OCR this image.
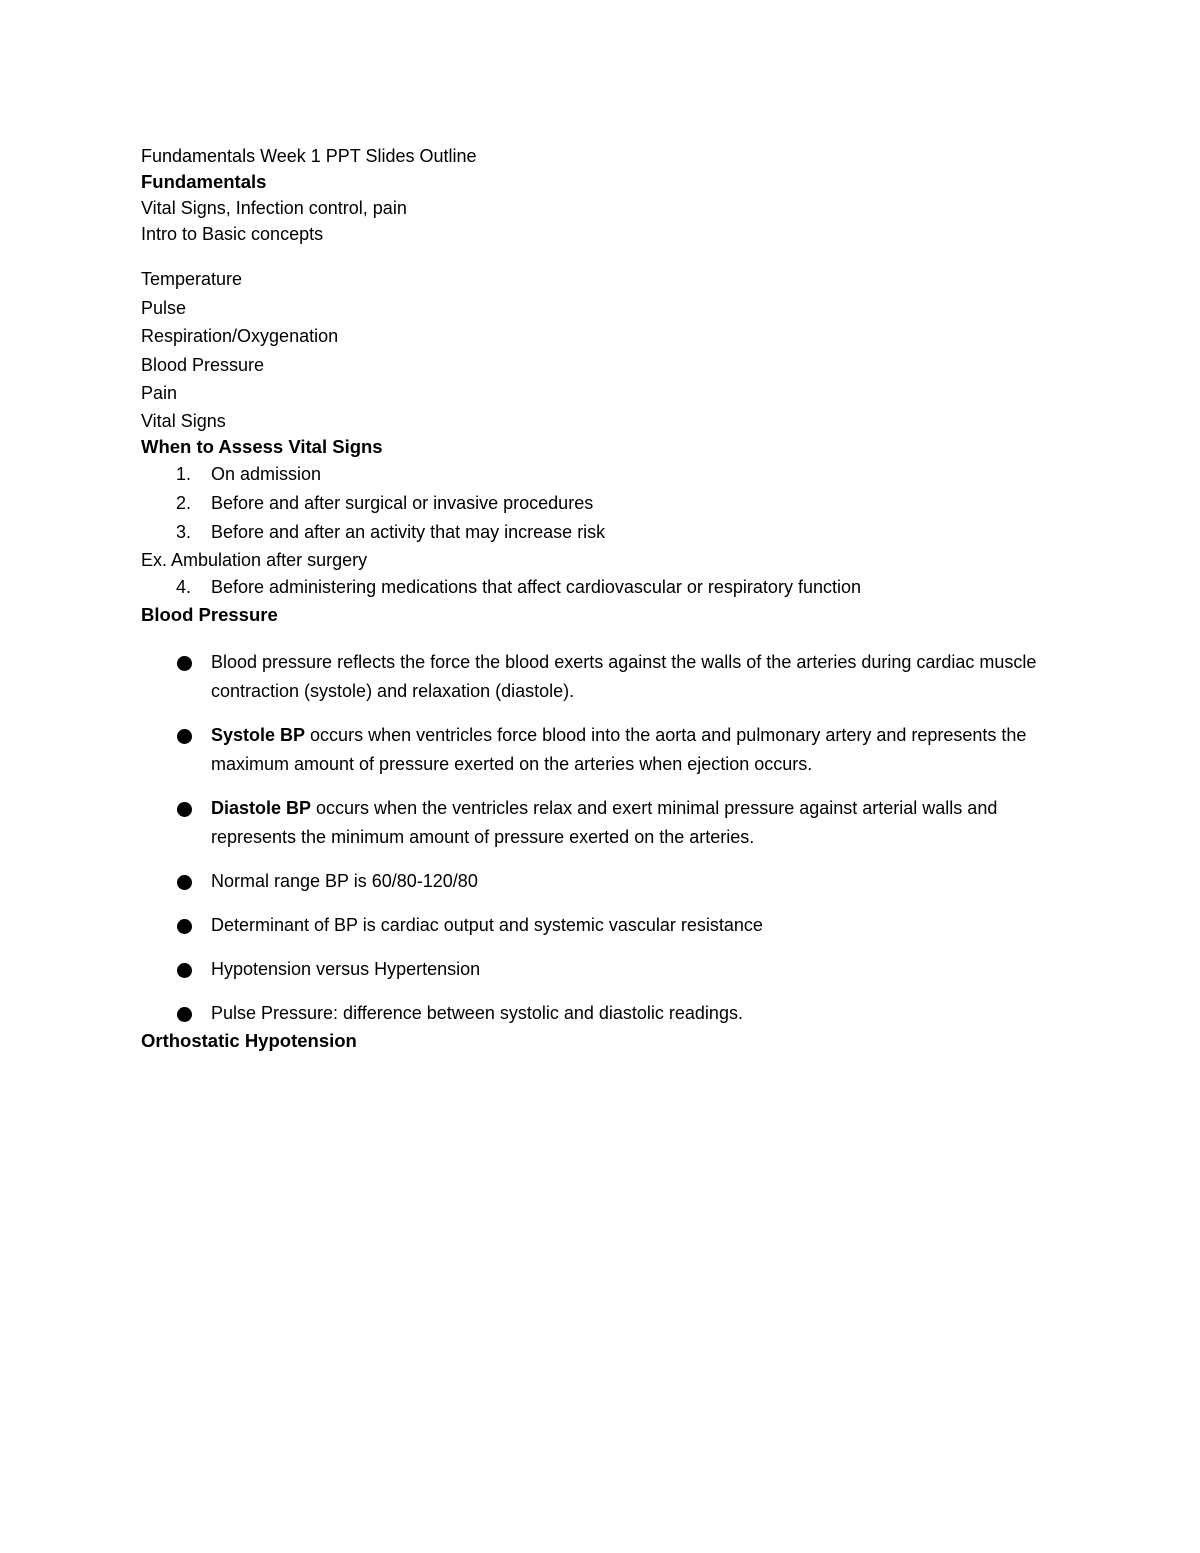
Fundamentals Week 1 PPT Slides Outline

Fundamentals

Vital Signs, Infection control, pain

Intro to Basic concepts

Temperature
Pulse
Respiration/Oxygenation
Blood Pressure
Pain

Vital Signs

When to Assess Vital Signs
1.	On admission
2.	Before and after surgical or invasive procedures
3.	Before and after an activity that may increase risk

Ex. Ambulation after surgery

4.	Before administering medications that affect cardiovascular or respiratory function
Blood Pressure
Blood pressure reflects the force the blood exerts against the walls of the arteries during cardiac muscle contraction (systole) and relaxation (diastole).
Systole BP occurs when ventricles force blood into the aorta and pulmonary artery and represents the maximum amount of pressure exerted on the arteries when ejection occurs.
Diastole BP occurs when the ventricles relax and exert minimal pressure against arterial walls and represents the minimum amount of pressure exerted on the arteries.
Normal range BP is 60/80-120/80
Determinant of BP is cardiac output and systemic vascular resistance
Hypotension versus Hypertension
Pulse Pressure: difference between systolic and diastolic readings.
Orthostatic Hypotension
